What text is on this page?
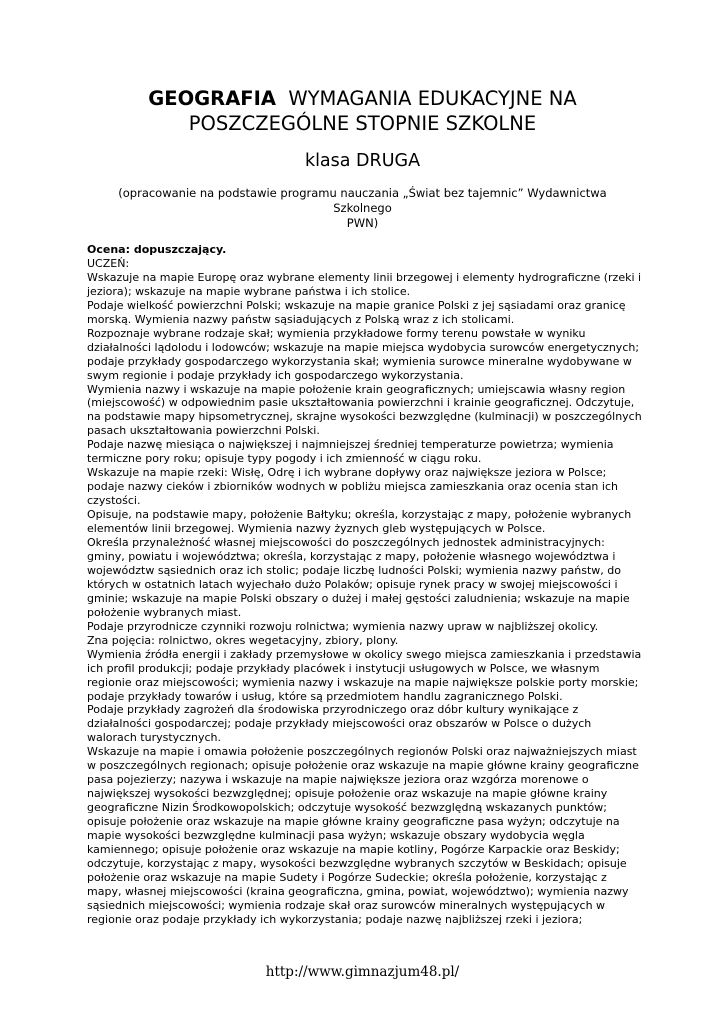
GEOGRAFIA WYMAGANIA EDUKACYJNE NA
POSZCZEGÓLNE STOPNIE SZKOLNE
klasa DRUGA
(opracowanie na podstawie programu nauczania „Świat bez tajemnic” Wydawnictwa Szkolnego
PWN)
Ocena: dopuszczający.
UCZEŃ:
Wskazuje na mapie Europę oraz wybrane elementy linii brzegowej i elementy hydrograficzne (rzeki i
jeziora); wskazuje na mapie wybrane państwa i ich stolice.
Podaje wielkość powierzchni Polski; wskazuje na mapie granice Polski z jej sąsiadami oraz granicę
morską. Wymienia nazwy państw sąsiadujących z Polską wraz z ich stolicami.
Rozpoznaje wybrane rodzaje skał; wymienia przykładowe formy terenu powstałe w wyniku
działalności lądolodu i lodowców; wskazuje na mapie miejsca wydobycia surowców energetycznych;
podaje przykłady gospodarczego wykorzystania skał; wymienia surowce mineralne wydobywane w
swym regionie i podaje przykłady ich gospodarczego wykorzystania.
Wymienia nazwy i wskazuje na mapie położenie krain geograficznych; umiejscawia własny region
(miejscowość) w odpowiednim pasie ukształtowania powierzchni i krainie geograficznej. Odczytuje,
na podstawie mapy hipsometrycznej, skrajne wysokości bezwzględne (kulminacji) w poszczególnych
pasach ukształtowania powierzchni Polski.
Podaje nazwę miesiąca o największej i najmniejszej średniej temperaturze powietrza; wymienia
termiczne pory roku; opisuje typy pogody i ich zmienność w ciągu roku.
Wskazuje na mapie rzeki: Wisłę, Odrę i ich wybrane dopływy oraz największe jeziora w Polsce;
podaje nazwy cieków i zbiorników wodnych w pobliżu miejsca zamieszkania oraz ocenia stan ich
czystości.
Opisuje, na podstawie mapy, położenie Bałtyku; określa, korzystając z mapy, położenie wybranych
elementów linii brzegowej. Wymienia nazwy żyznych gleb występujących w Polsce.
Określa przynależność własnej miejscowości do poszczególnych jednostek administracyjnych:
gminy, powiatu i województwa; określa, korzystając z mapy, położenie własnego województwa i
województw sąsiednich oraz ich stolic; podaje liczbę ludności Polski; wymienia nazwy państw, do
których w ostatnich latach wyjechało dużo Polaków; opisuje rynek pracy w swojej miejscowości i
gminie; wskazuje na mapie Polski obszary o dużej i małej gęstości zaludnienia; wskazuje na mapie
położenie wybranych miast.
Podaje przyrodnicze czynniki rozwoju rolnictwa; wymienia nazwy upraw w najbliższej okolicy.
Zna pojęcia: rolnictwo, okres wegetacyjny, zbiory, plony.
Wymienia źródła energii i zakłady przemysłowe w okolicy swego miejsca zamieszkania i przedstawia
ich profil produkcji; podaje przykłady placówek i instytucji usługowych w Polsce, we własnym
regionie oraz miejscowości; wymienia nazwy i wskazuje na mapie największe polskie porty morskie;
podaje przykłady towarów i usług, które są przedmiotem handlu zagranicznego Polski.
Podaje przykłady zagrożeń dla środowiska przyrodniczego oraz dóbr kultury wynikające z
działalności gospodarczej; podaje przykłady miejscowości oraz obszarów w Polsce o dużych
walorach turystycznych.
Wskazuje na mapie i omawia położenie poszczególnych regionów Polski oraz najważniejszych miast
w poszczególnych regionach; opisuje położenie oraz wskazuje na mapie główne krainy geograficzne
pasa pojezierzy; nazywa i wskazuje na mapie największe jeziora oraz wzgórza morenowe o
największej wysokości bezwzględnej; opisuje położenie oraz wskazuje na mapie główne krainy
geograficzne Nizin Środkowopolskich; odczytuje wysokość bezwzględną wskazanych punktów;
opisuje położenie oraz wskazuje na mapie główne krainy geograficzne pasa wyżyn; odczytuje na
mapie wysokości bezwzględne kulminacji pasa wyżyn; wskazuje obszary wydobycia węgla
kamiennego; opisuje położenie oraz wskazuje na mapie kotliny, Pogórze Karpackie oraz Beskidy;
odczytuje, korzystając z mapy, wysokości bezwzględne wybranych szczytów w Beskidach; opisuje
położenie oraz wskazuje na mapie Sudety i Pogórze Sudeckie; określa położenie, korzystając z
mapy, własnej miejscowości (kraina geograficzna, gmina, powiat, województwo); wymienia nazwy
sąsiednich miejscowości; wymienia rodzaje skał oraz surowców mineralnych występujących w
regionie oraz podaje przykłady ich wykorzystania; podaje nazwę najbliższej rzeki i jeziora;
http://www.gimnazjum48.pl/
